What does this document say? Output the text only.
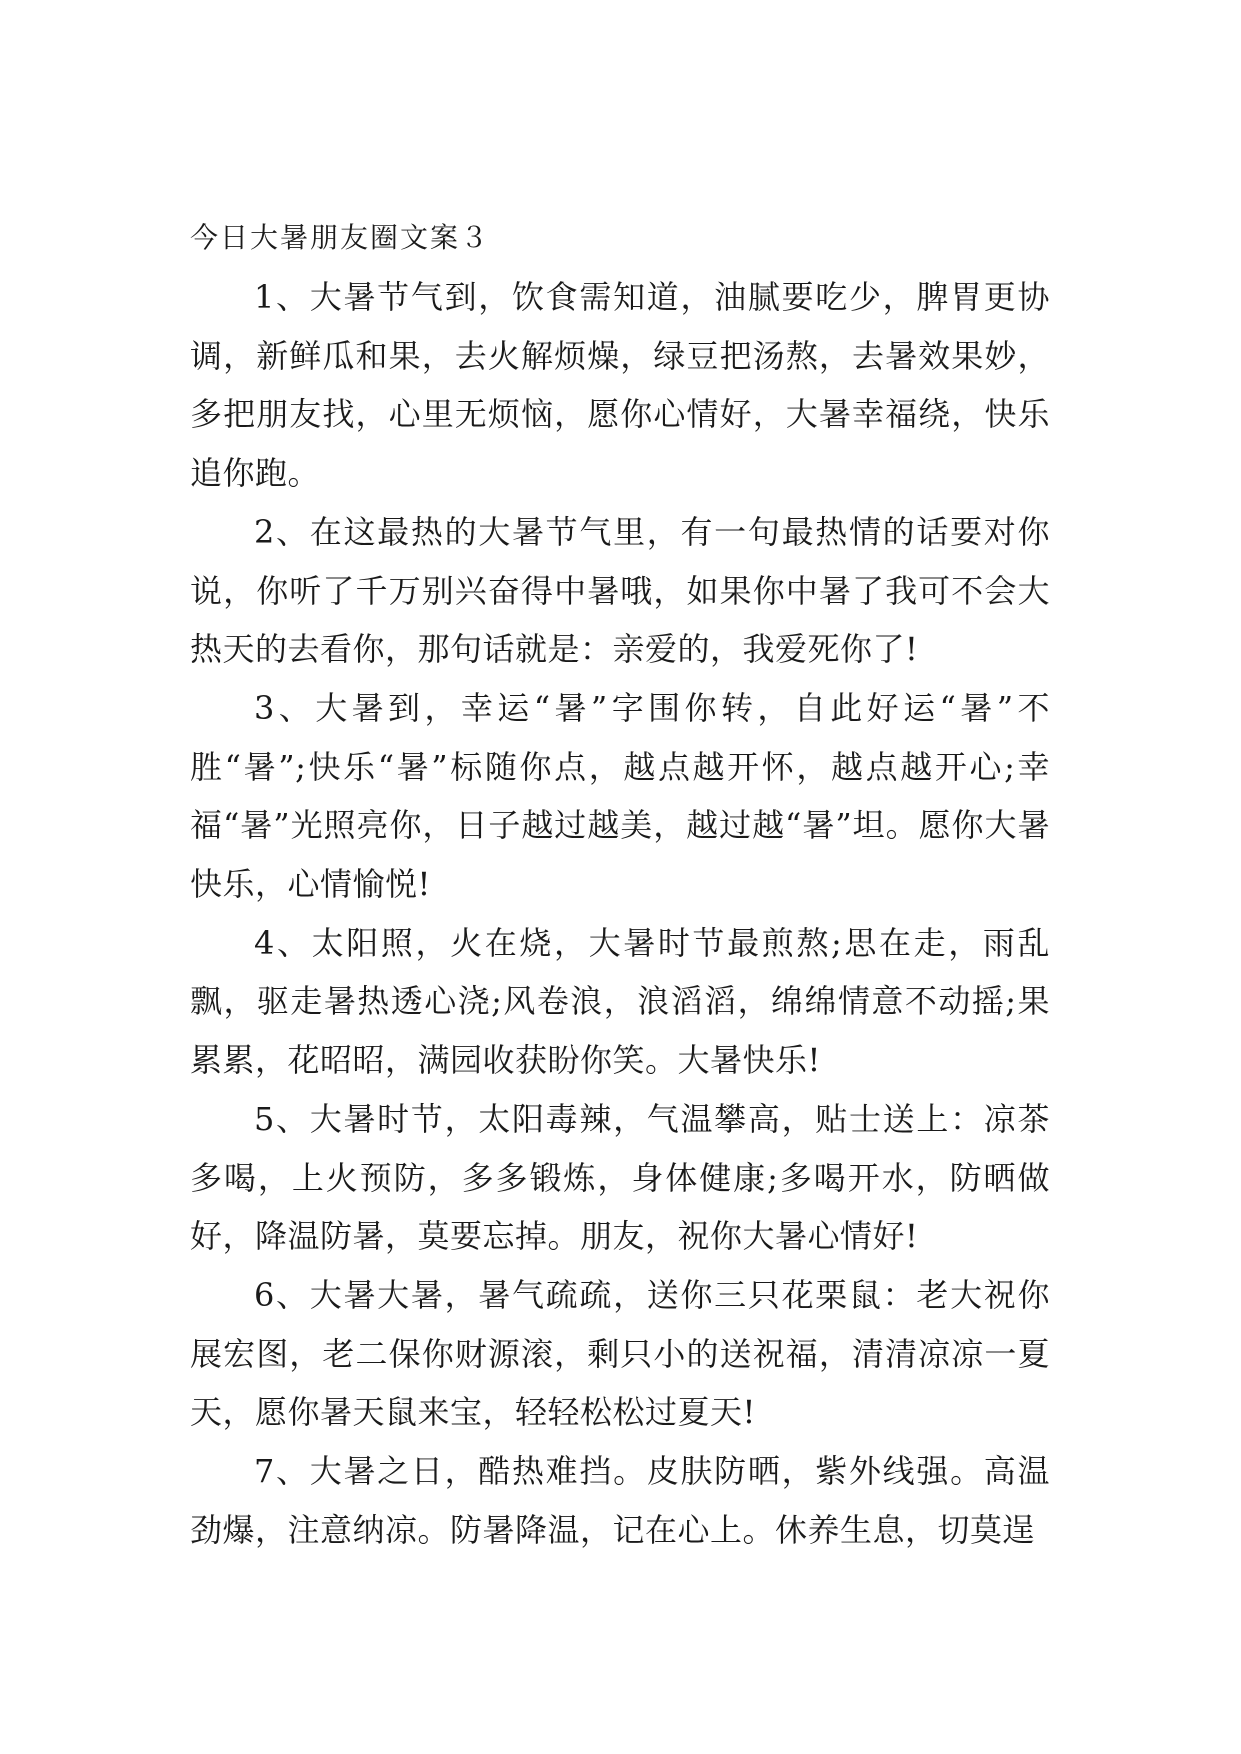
今日大暑朋友圈文案３

1、大暑节气到，饮食需知道，油腻要吃少，脾胃更协调，新鲜瓜和果，去火解烦燥，绿豆把汤熬，去暑效果妙，多把朋友找，心里无烦恼，愿你心情好，大暑幸福绕，快乐追你跑。

2、在这最热的大暑节气里，有一句最热情的话要对你说，你听了千万别兴奋得中暑哦，如果你中暑了我可不会大热天的去看你，那句话就是：亲爱的，我爱死你了!

3、大暑到，幸运“暑”字围你转，自此好运“暑”不胜“暑”;快乐“暑”标随你点，越点越开怀，越点越开心;幸福“暑”光照亮你，日子越过越美，越过越“暑”坦。愿你大暑快乐，心情愉悦!

4、太阳照，火在烧，大暑时节最煎熬;思在走，雨乱飘，驱走暑热透心浇;风卷浪，浪滔滔，绵绵情意不动摇;果累累，花昭昭，满园收获盼你笑。大暑快乐!

5、大暑时节，太阳毒辣，气温攀高，贴士送上：凉茶多喝，上火预防，多多锻炼，身体健康;多喝开水，防晒做好，降温防暑，莫要忘掉。朋友，祝你大暑心情好!

6、大暑大暑，暑气疏疏，送你三只花栗鼠：老大祝你展宏图，老二保你财源滚，剩只小的送祝福，清清凉凉一夏天，愿你暑天鼠来宝，轻轻松松过夏天!

7、大暑之日，酷热难挡。皮肤防晒，紫外线强。高温劲爆，注意纳凉。防暑降温，记在心上。休养生息，切莫逞
